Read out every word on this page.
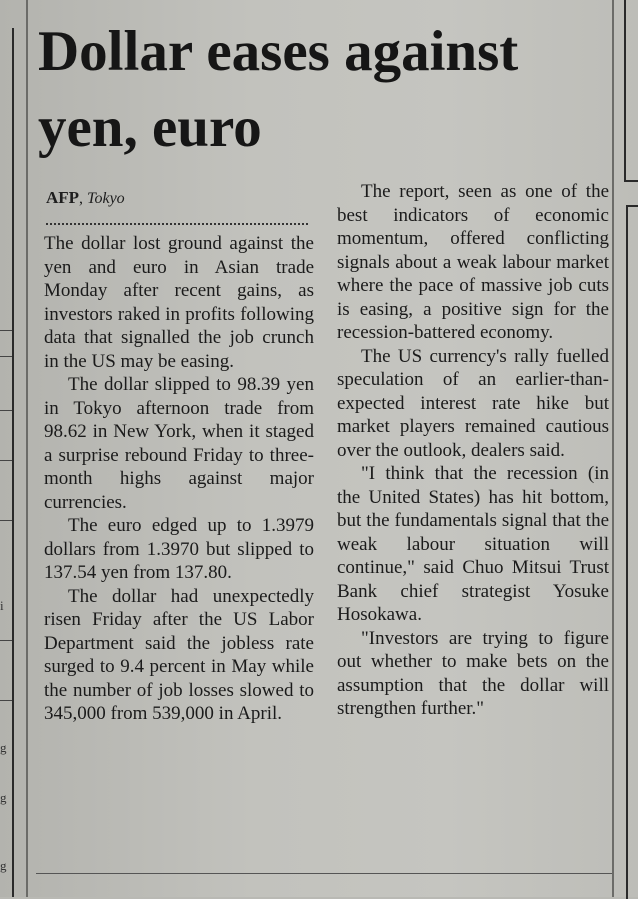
i
g
g
g
Dollar eases against
yen, euro
AFP, Tokyo

The dollar lost ground against the yen and euro in Asian trade Monday after recent gains, as investors raked in profits following data that signalled the job crunch in the US may be easing.

The dollar slipped to 98.39 yen in Tokyo afternoon trade from 98.62 in New York, when it staged a surprise rebound Friday to three-month highs against major currencies.

The euro edged up to 1.3979 dollars from 1.3970 but slipped to 137.54 yen from 137.80.

The dollar had unexpectedly risen Friday after the US Labor Department said the jobless rate surged to 9.4 percent in May while the number of job losses slowed to 345,000 from 539,000 in April.

The report, seen as one of the best indicators of economic momentum, offered conflicting signals about a weak labour market where the pace of massive job cuts is easing, a positive sign for the recession-battered economy.

The US currency's rally fuelled speculation of an earlier-than-expected interest rate hike but market players remained cautious over the outlook, dealers said.

"I think that the recession (in the United States) has hit bottom, but the fundamentals signal that the weak labour situation will continue," said Chuo Mitsui Trust Bank chief strategist Yosuke Hosokawa.

"Investors are trying to figure out whether to make bets on the assumption that the dollar will strengthen further."
